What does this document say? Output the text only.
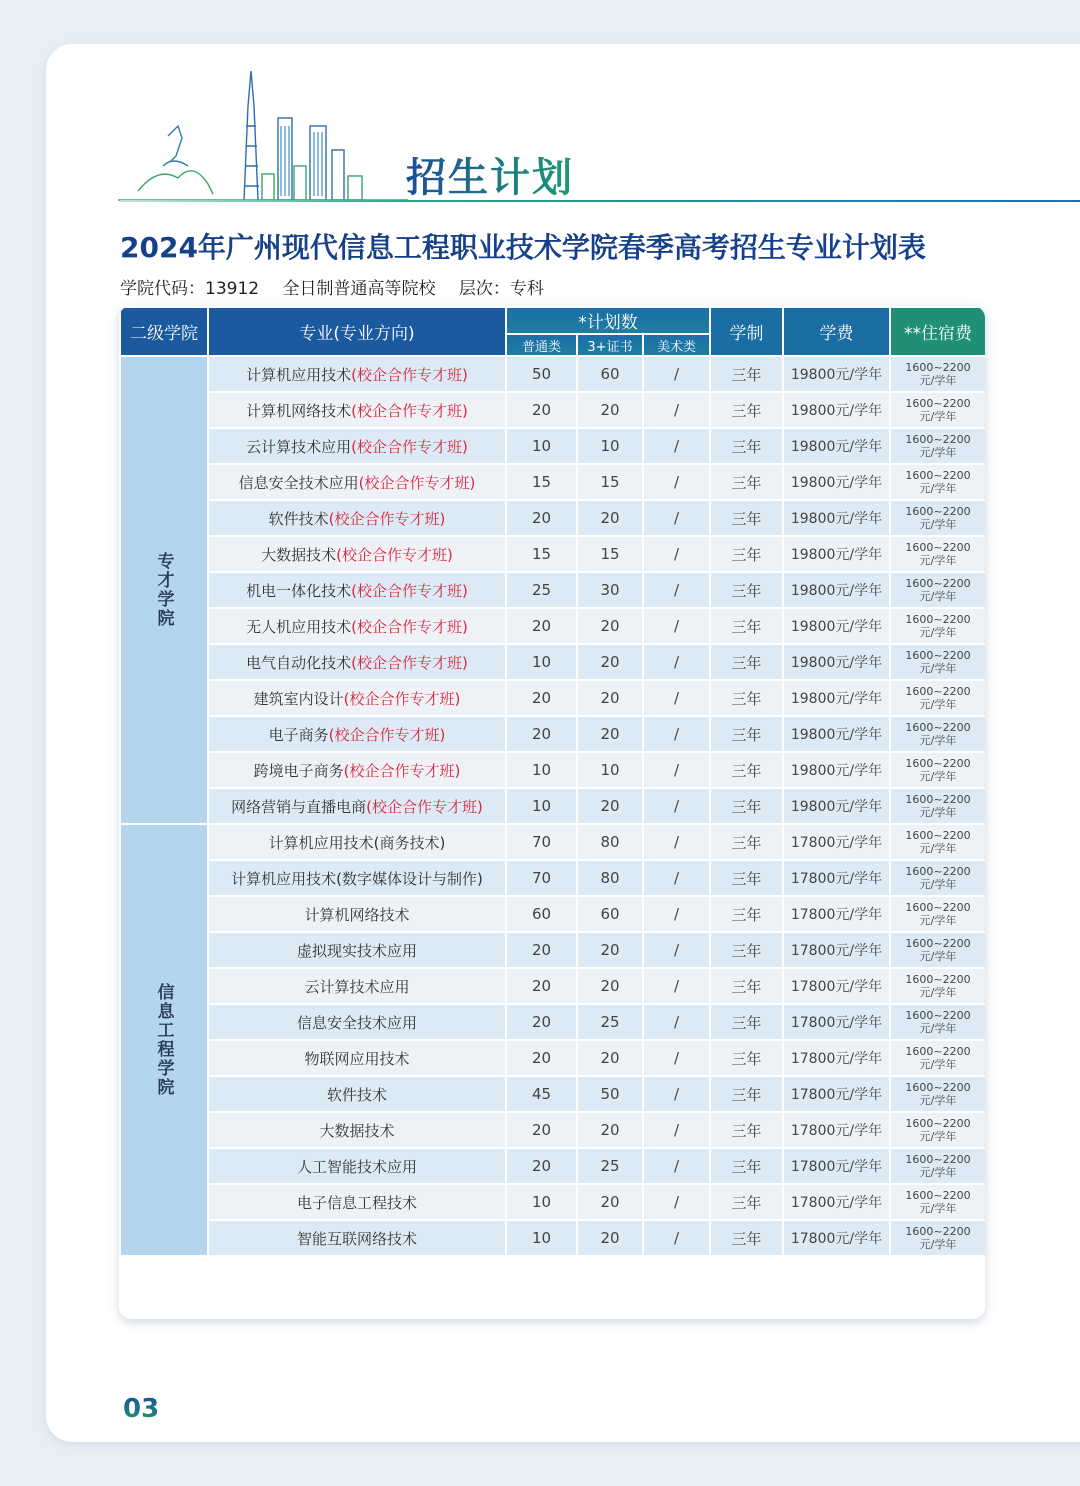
招生计划
2024年广州现代信息工程职业技术学院春季高考招生专业计划表
学院代码：13912 全日制普通高等院校 层次：专科
二级学院	专业(专业方向)	*计划数			学制	学费	**住宿费
		普通类	3+证书	美术类			
专才学院	计算机应用技术(校企合作专才班)	50	60	/	三年	19800元/学年	1600~2200
元/学年

	计算机网络技术(校企合作专才班)	20	20	/	三年	19800元/学年	1600~2200
元/学年

	云计算技术应用(校企合作专才班)	10	10	/	三年	19800元/学年	1600~2200
元/学年

	信息安全技术应用(校企合作专才班)	15	15	/	三年	19800元/学年	1600~2200
元/学年

	软件技术(校企合作专才班)	20	20	/	三年	19800元/学年	1600~2200
元/学年

	大数据技术(校企合作专才班)	15	15	/	三年	19800元/学年	1600~2200
元/学年

	机电一体化技术(校企合作专才班)	25	30	/	三年	19800元/学年	1600~2200
元/学年

	无人机应用技术(校企合作专才班)	20	20	/	三年	19800元/学年	1600~2200
元/学年

	电气自动化技术(校企合作专才班)	10	20	/	三年	19800元/学年	1600~2200
元/学年

	建筑室内设计(校企合作专才班)	20	20	/	三年	19800元/学年	1600~2200
元/学年

	电子商务(校企合作专才班)	20	20	/	三年	19800元/学年	1600~2200
元/学年

	跨境电子商务(校企合作专才班)	10	10	/	三年	19800元/学年	1600~2200
元/学年

	网络营销与直播电商(校企合作专才班)	10	20	/	三年	19800元/学年	1600~2200
元/学年

信息工程学院	计算机应用技术(商务技术)	70	80	/	三年	17800元/学年	1600~2200
元/学年

	计算机应用技术(数字媒体设计与制作)	70	80	/	三年	17800元/学年	1600~2200
元/学年

	计算机网络技术	60	60	/	三年	17800元/学年	1600~2200
元/学年

	虚拟现实技术应用	20	20	/	三年	17800元/学年	1600~2200
元/学年

	云计算技术应用	20	20	/	三年	17800元/学年	1600~2200
元/学年

	信息安全技术应用	20	25	/	三年	17800元/学年	1600~2200
元/学年

	物联网应用技术	20	20	/	三年	17800元/学年	1600~2200
元/学年

	软件技术	45	50	/	三年	17800元/学年	1600~2200
元/学年

	大数据技术	20	20	/	三年	17800元/学年	1600~2200
元/学年

	人工智能技术应用	20	25	/	三年	17800元/学年	1600~2200
元/学年

	电子信息工程技术	10	20	/	三年	17800元/学年	1600~2200
元/学年

	智能互联网络技术	10	20	/	三年	17800元/学年	1600~2200
元/学年
03
